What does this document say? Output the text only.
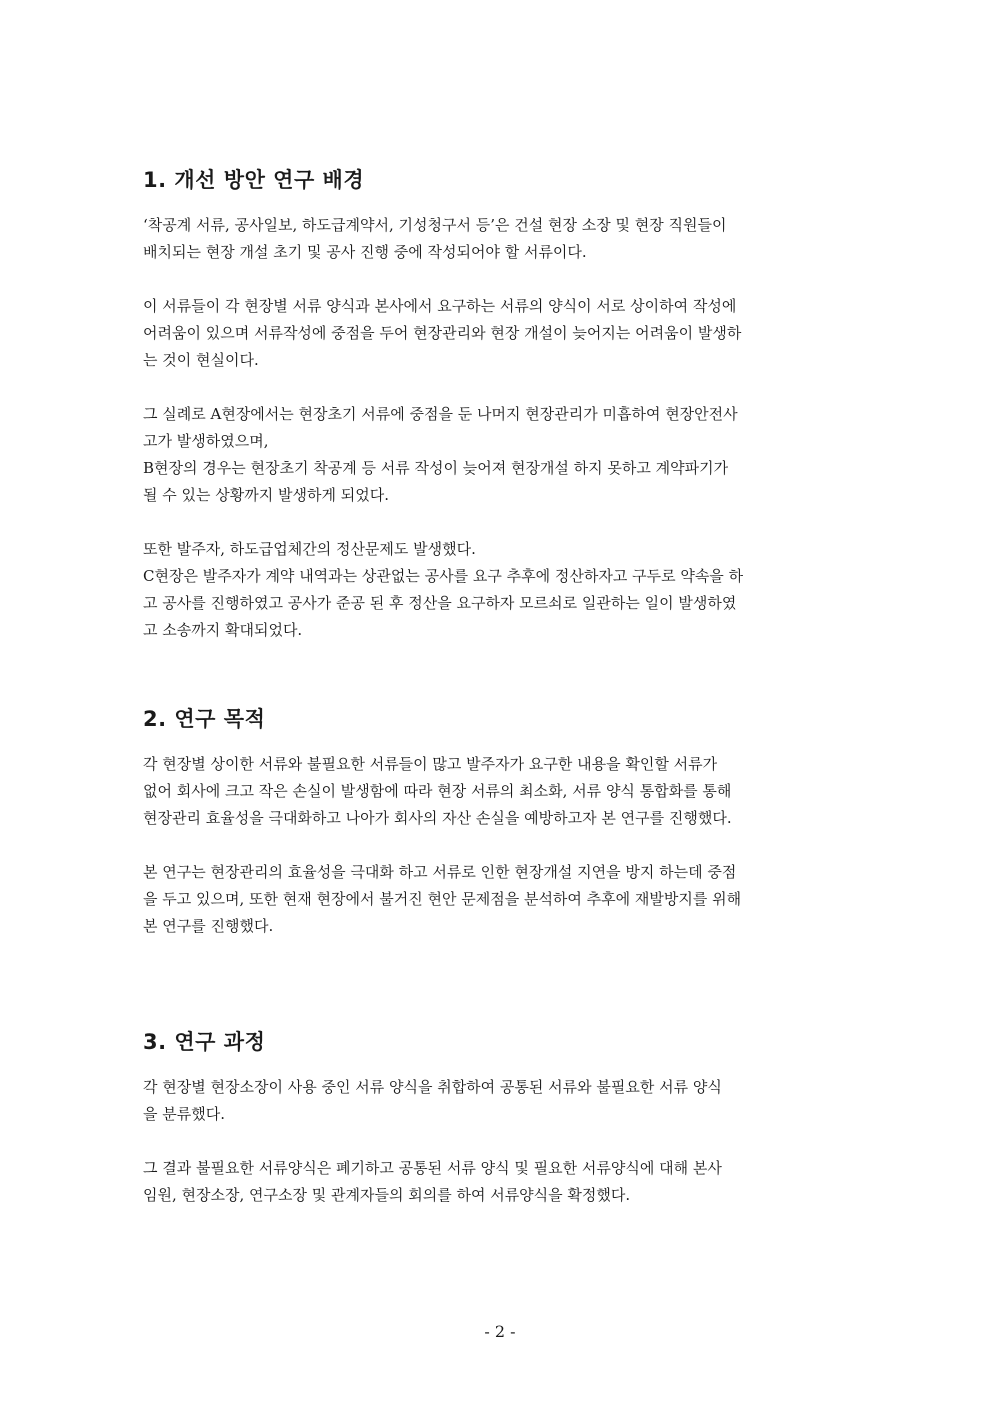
1. 개선 방안 연구 배경

‘착공계 서류, 공사일보, 하도급계약서, 기성청구서 등’은 건설 현장 소장 및 현장 직원들이
배치되는 현장 개설 초기 및 공사 진행 중에 작성되어야 할 서류이다.

이 서류들이 각 현장별 서류 양식과 본사에서 요구하는 서류의 양식이 서로 상이하여 작성에
어려움이 있으며 서류작성에 중점을 두어 현장관리와 현장 개설이 늦어지는 어려움이 발생하
는 것이 현실이다.

그 실례로 A현장에서는 현장초기 서류에 중점을 둔 나머지 현장관리가 미흡하여 현장안전사
고가 발생하였으며,

B현장의 경우는 현장초기 착공계 등 서류 작성이 늦어져 현장개설 하지 못하고 계약파기가
될 수 있는 상황까지 발생하게 되었다.

또한 발주자, 하도급업체간의 정산문제도 발생했다.

C현장은 발주자가 계약 내역과는 상관없는 공사를 요구 추후에 정산하자고 구두로 약속을 하
고 공사를 진행하였고 공사가 준공 된 후 정산을 요구하자 모르쇠로 일관하는 일이 발생하였
고 소송까지 확대되었다.

2. 연구 목적

각 현장별 상이한 서류와 불필요한 서류들이 많고 발주자가 요구한 내용을 확인할 서류가
없어 회사에 크고 작은 손실이 발생함에 따라 현장 서류의 최소화, 서류 양식 통합화를 통해
현장관리 효율성을 극대화하고 나아가 회사의 자산 손실을 예방하고자 본 연구를 진행했다.

본 연구는 현장관리의 효율성을 극대화 하고 서류로 인한 현장개설 지연을 방지 하는데 중점
을 두고 있으며, 또한 현재 현장에서 불거진 현안 문제점을 분석하여 추후에 재발방지를 위해
본 연구를 진행했다.

3. 연구 과정

각 현장별 현장소장이 사용 중인 서류 양식을 취합하여 공통된 서류와 불필요한 서류 양식
을 분류했다.

그 결과 불필요한 서류양식은 폐기하고 공통된 서류 양식 및 필요한 서류양식에 대해 본사
임원, 현장소장, 연구소장 및 관계자들의 회의를 하여 서류양식을 확정했다.

- 2 -
